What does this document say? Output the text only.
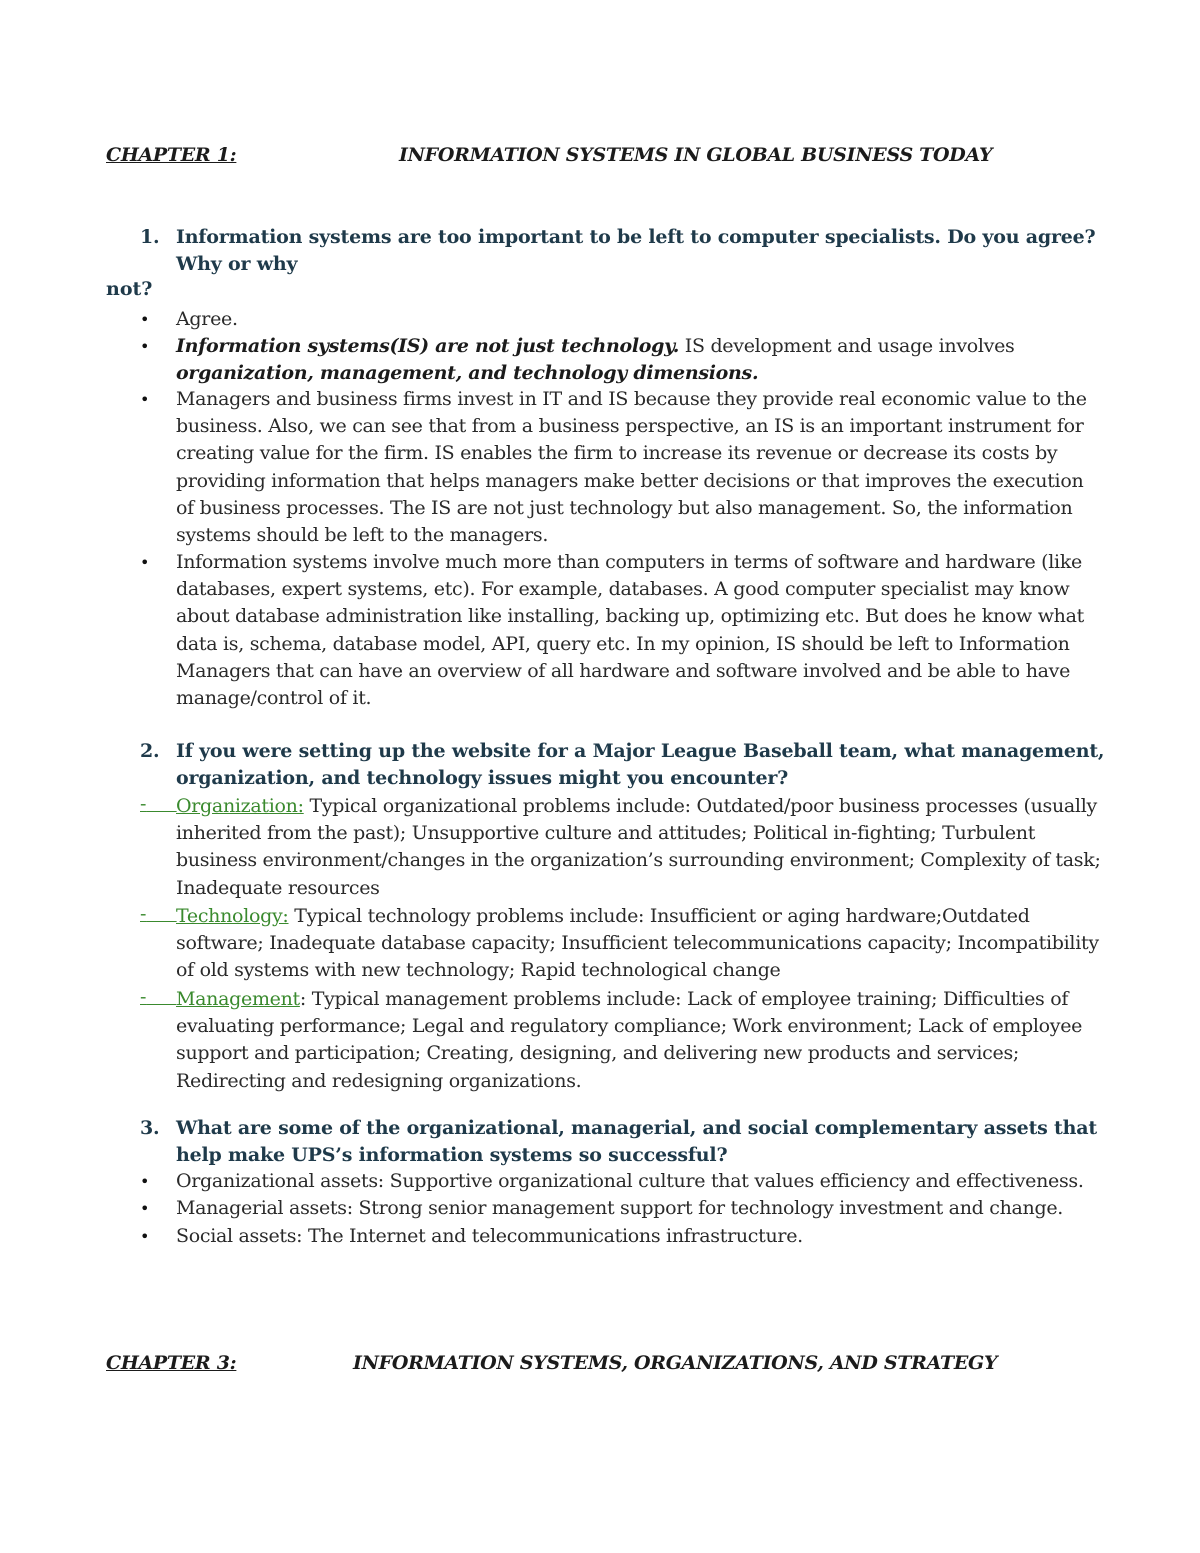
CHAPTER 1:	INFORMATION SYSTEMS IN GLOBAL BUSINESS TODAY
1. Information systems are too important to be left to computer specialists. Do you agree?
Why or why
not?
•	Agree.
•	Information systems(IS) are not just technology. IS development and usage involves
organization, management, and technology dimensions.
•	Managers and business firms invest in IT and IS because they provide real economic value to the business. Also, we can see that from a business perspective, an IS is an important instrument for creating value for the firm. IS enables the firm to increase its revenue or decrease its costs by providing information that helps managers make better decisions or that improves the execution of business processes. The IS are not just technology but also management. So, the information systems should be left to the managers.
•	Information systems involve much more than computers in terms of software and hardware (like databases, expert systems, etc). For example, databases. A good computer specialist may know about database administration like installing, backing up, optimizing etc. But does he know what data is, schema, database model, API, query etc. In my opinion, IS should be left to Information Managers that can have an overview of all hardware and software involved and be able to have manage/control of it.
2. If you were setting up the website for a Major League Baseball team, what management, organization, and technology issues might you encounter?
-	Organization: Typical organizational problems include: Outdated/poor business processes (usually inherited from the past); Unsupportive culture and attitudes; Political in-fighting; Turbulent business environment/changes in the organization’s surrounding environment; Complexity of task; Inadequate resources
-	Technology: Typical technology problems include: Insufficient or aging hardware;Outdated software; Inadequate database capacity; Insufficient telecommunications capacity; Incompatibility of old systems with new technology; Rapid technological change
-	Management: Typical management problems include: Lack of employee training; Difficulties of evaluating performance; Legal and regulatory compliance; Work environment; Lack of employee support and participation; Creating, designing, and delivering new products and services; Redirecting and redesigning organizations.
3. What are some of the organizational, managerial, and social complementary assets that help make UPS’s information systems so successful?
•	Organizational assets: Supportive organizational culture that values efficiency and effectiveness.
•	Managerial assets: Strong senior management support for technology investment and change.
•	Social assets: The Internet and telecommunications infrastructure.
CHAPTER 3:	INFORMATION SYSTEMS, ORGANIZATIONS, AND STRATEGY
